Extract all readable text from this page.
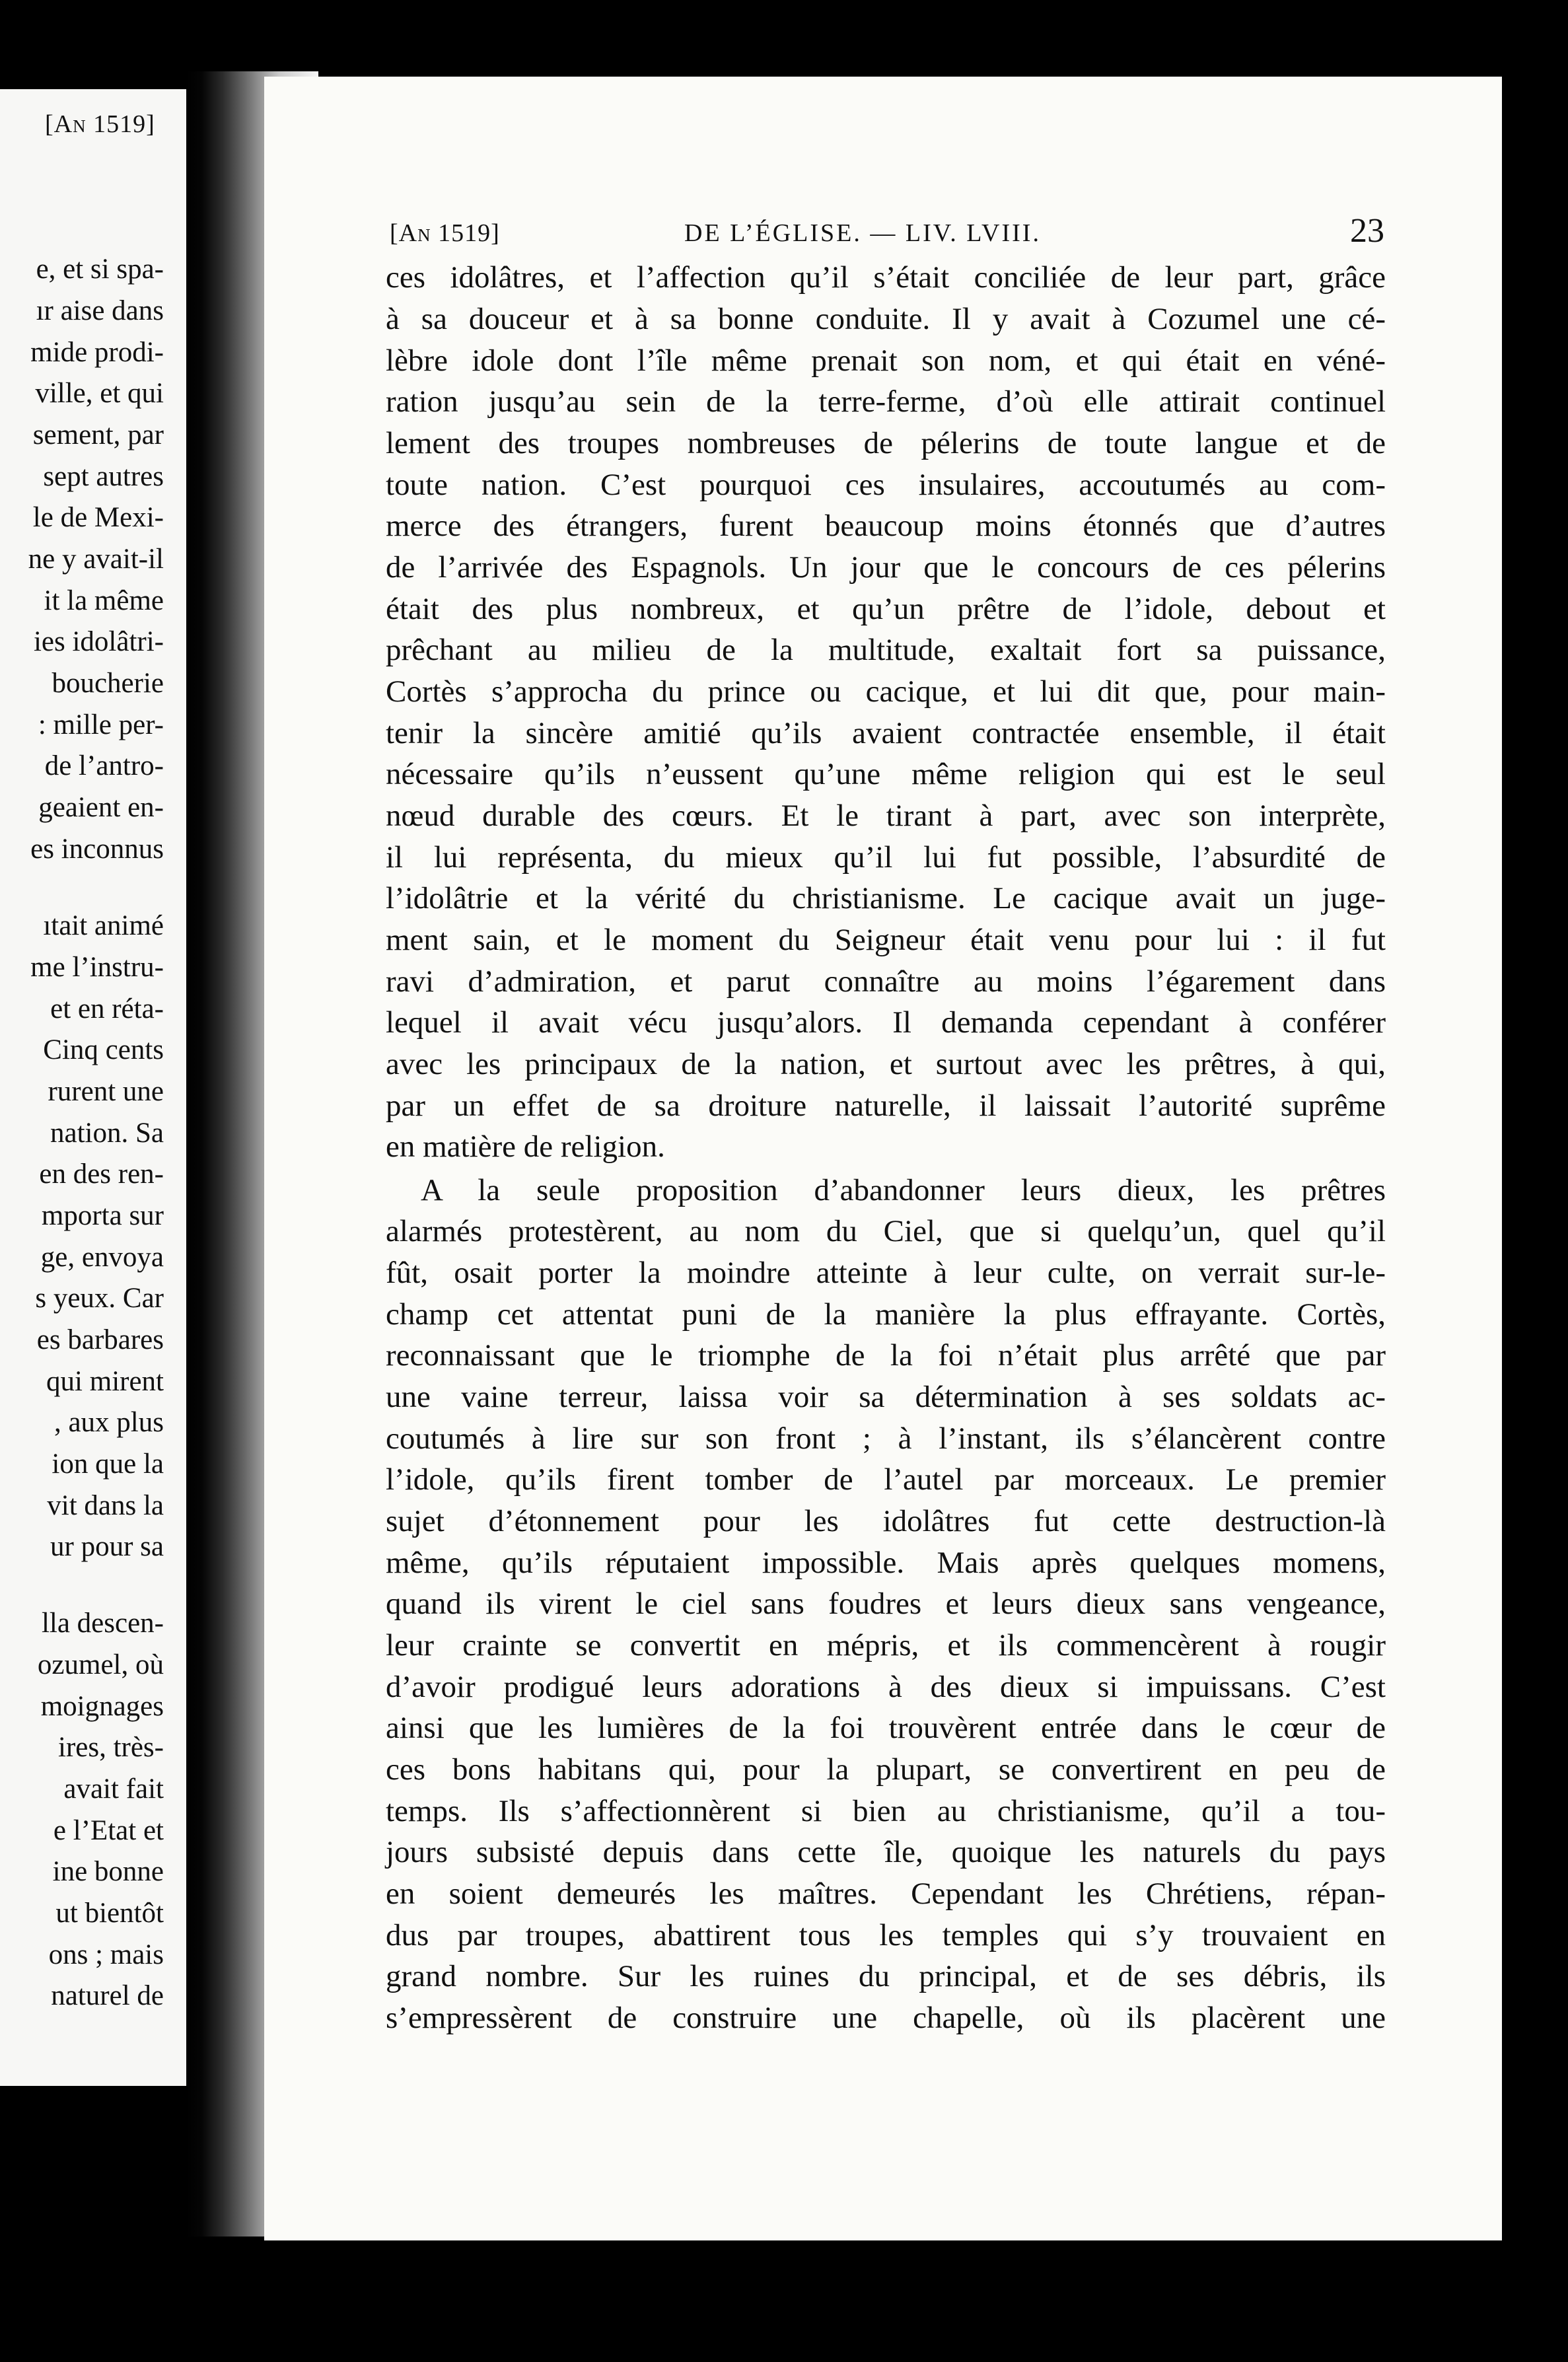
[An 1519]
e, et si spa-
ır aise dans
mide prodi-
ville, et qui
sement, par
sept autres
le de Mexi-
ne y avait-il
it la même
ies idolâtri-
boucherie
: mille per-
de l’antro-
geaient en-
es inconnus
ıtait animé
me l’instru-
et en réta-
Cinq cents
rurent une
nation. Sa
en des ren-
mporta sur
ge, envoya
s yeux. Car
es barbares
qui mirent
, aux plus
ion que la
vit dans la
ur pour sa
lla descen-
ozumel, où
moignages
ires, très-
avait fait
e l’Etat et
ine bonne
ut bientôt
ons ; mais
naturel de
[An 1519]	DE L’ÉGLISE. — LIV. LVIII.	23
ces idolâtres, et l’affection qu’il s’était conciliée de leur part, grâce
à sa douceur et à sa bonne conduite. Il y avait à Cozumel une cé-
lèbre idole dont l’île même prenait son nom, et qui était en véné-
ration jusqu’au sein de la terre-ferme, d’où elle attirait continuel
lement des troupes nombreuses de pélerins de toute langue et de
toute nation. C’est pourquoi ces insulaires, accoutumés au com-
merce des étrangers, furent beaucoup moins étonnés que d’autres
de l’arrivée des Espagnols. Un jour que le concours de ces pélerins
était des plus nombreux, et qu’un prêtre de l’idole, debout et
prêchant au milieu de la multitude, exaltait fort sa puissance,
Cortès s’approcha du prince ou cacique, et lui dit que, pour main-
tenir la sincère amitié qu’ils avaient contractée ensemble, il était
nécessaire qu’ils n’eussent qu’une même religion qui est le seul
nœud durable des cœurs. Et le tirant à part, avec son interprète,
il lui représenta, du mieux qu’il lui fut possible, l’absurdité de
l’idolâtrie et la vérité du christianisme. Le cacique avait un juge-
ment sain, et le moment du Seigneur était venu pour lui : il fut
ravi d’admiration, et parut connaître au moins l’égarement dans
lequel il avait vécu jusqu’alors. Il demanda cependant à conférer
avec les principaux de la nation, et surtout avec les prêtres, à qui,
par un effet de sa droiture naturelle, il laissait l’autorité suprême
en matière de religion.
A la seule proposition d’abandonner leurs dieux, les prêtres
alarmés protestèrent, au nom du Ciel, que si quelqu’un, quel qu’il
fût, osait porter la moindre atteinte à leur culte, on verrait sur-le-
champ cet attentat puni de la manière la plus effrayante. Cortès,
reconnaissant que le triomphe de la foi n’était plus arrêté que par
une vaine terreur, laissa voir sa détermination à ses soldats ac-
coutumés à lire sur son front ; à l’instant, ils s’élancèrent contre
l’idole, qu’ils firent tomber de l’autel par morceaux. Le premier
sujet d’étonnement pour les idolâtres fut cette destruction-là
même, qu’ils réputaient impossible. Mais après quelques momens,
quand ils virent le ciel sans foudres et leurs dieux sans vengeance,
leur crainte se convertit en mépris, et ils commencèrent à rougir
d’avoir prodigué leurs adorations à des dieux si impuissans. C’est
ainsi que les lumières de la foi trouvèrent entrée dans le cœur de
ces bons habitans qui, pour la plupart, se convertirent en peu de
temps. Ils s’affectionnèrent si bien au christianisme, qu’il a tou-
jours subsisté depuis dans cette île, quoique les naturels du pays
en soient demeurés les maîtres. Cependant les Chrétiens, répan-
dus par troupes, abattirent tous les temples qui s’y trouvaient en
grand nombre. Sur les ruines du principal, et de ses débris, ils
s’empressèrent de construire une chapelle, où ils placèrent une
